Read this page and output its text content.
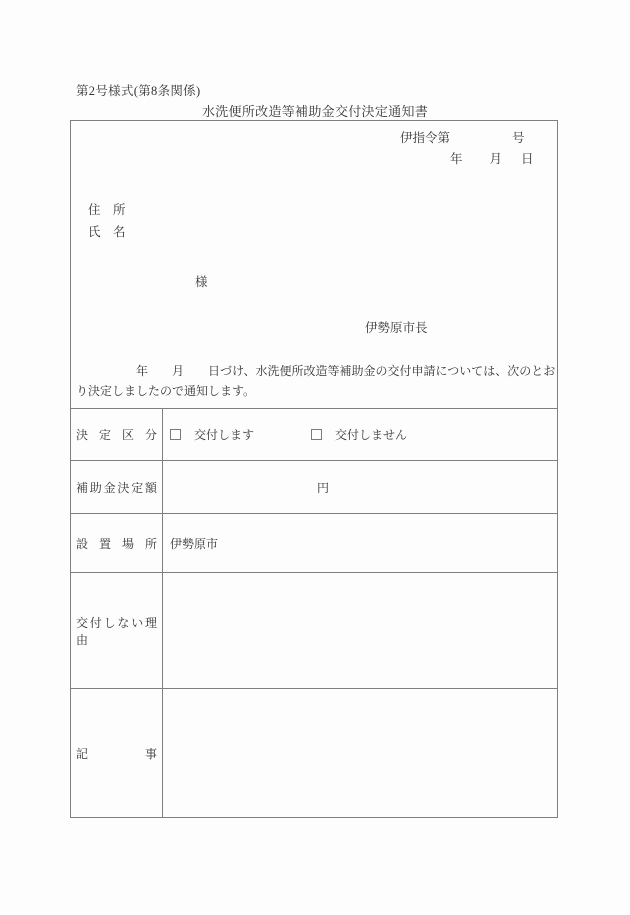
第2号様式(第8条関係)
水洗便所改造等補助金交付決定通知書
伊指令第	号
年 月 日
住　所
氏　名
様
伊勢原市長
　　　　　年　　月　　日づけ、水洗便所改造等補助金の交付申請については、次のとお
り決定しましたので通知します。
決定区分	交付します	交付しません
補助金決定額	円
設置場所 伊勢原市
交付しない理由
記事
